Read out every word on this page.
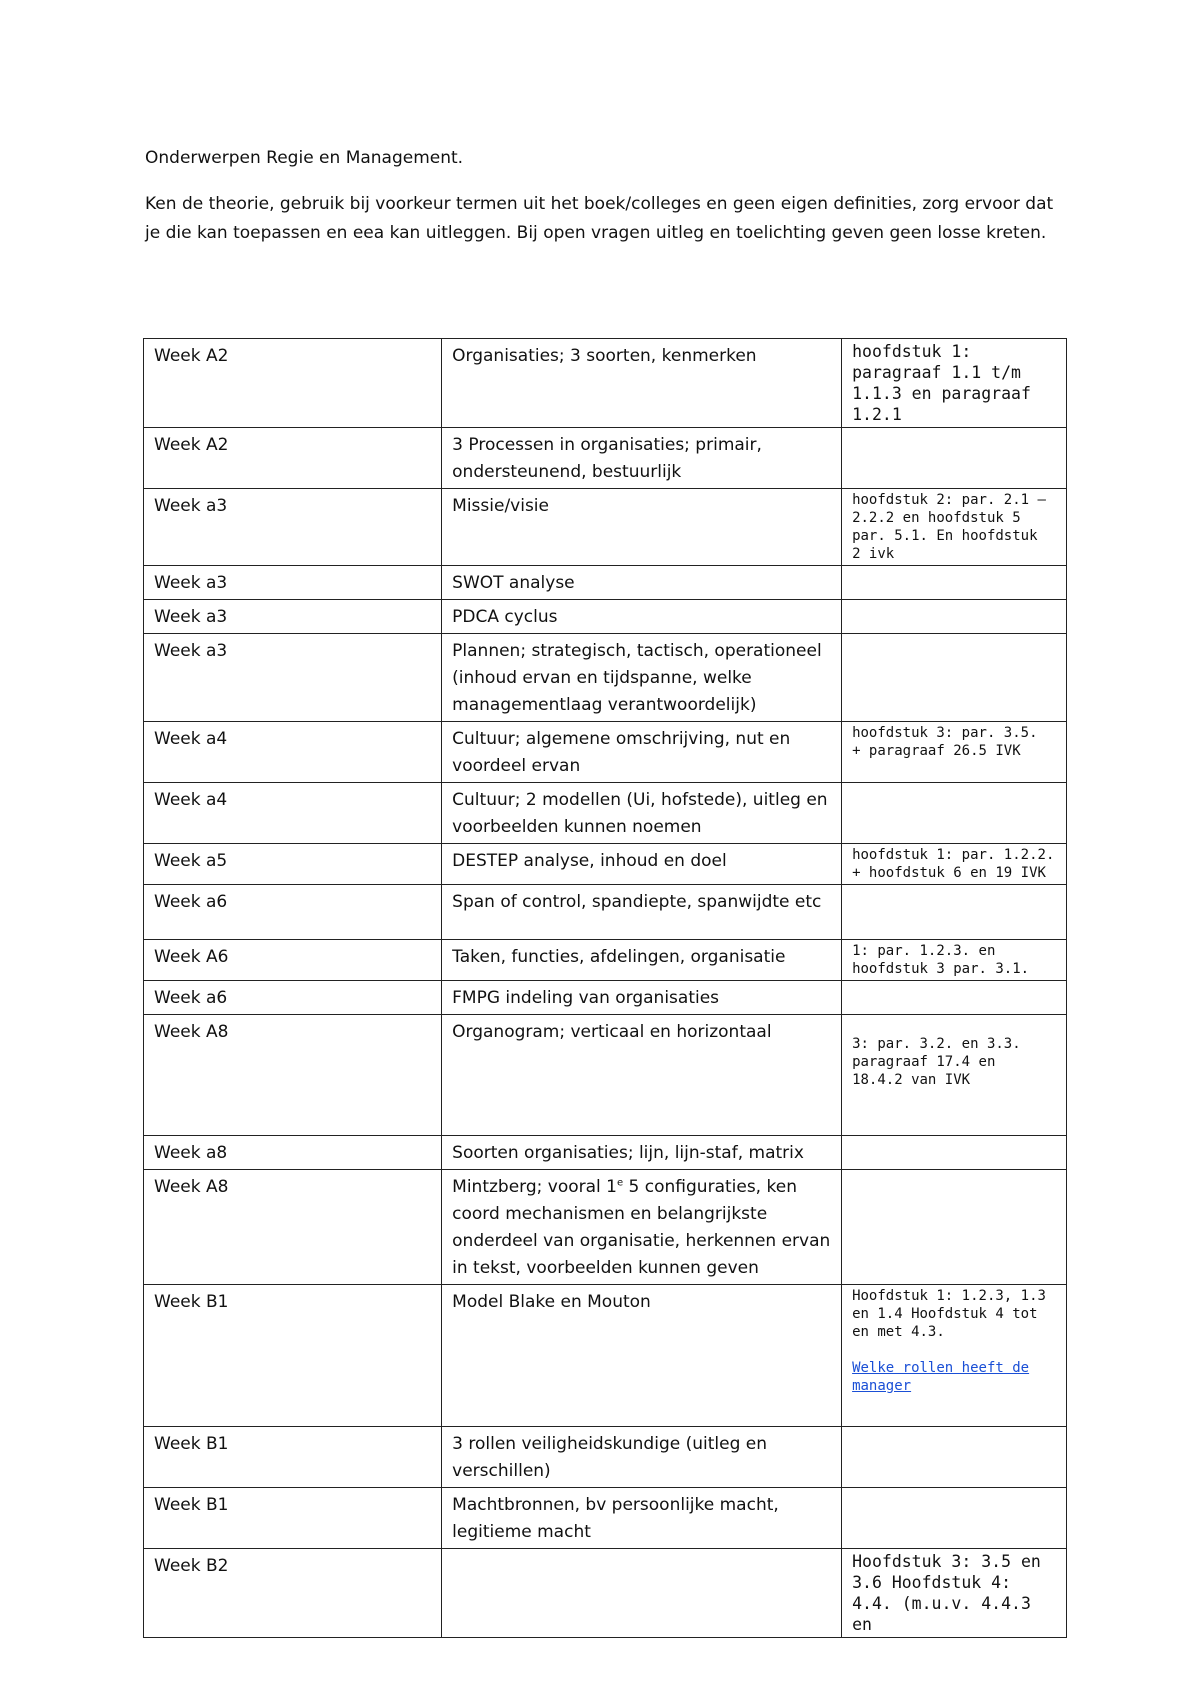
Onderwerpen Regie en Management.

Ken de theorie, gebruik bij voorkeur termen uit het boek/colleges en geen eigen definities, zorg ervoor dat je die kan toepassen en eea kan uitleggen. Bij open vragen uitleg en toelichting geven geen losse kreten.

Week A2	Organisaties; 3 soorten, kenmerken	hoofdstuk 1:
paragraaf 1.1 t/m
1.1.3 en paragraaf
1.2.1

Week A2	3 Processen in organisaties; primair, ondersteunend, bestuurlijk	

Week a3	Missie/visie	hoofdstuk 2: par. 2.1 –
2.2.2 en hoofdstuk 5
par. 5.1. En hoofdstuk
2 ivk

Week a3	SWOT analyse	

Week a3	PDCA cyclus	

Week a3	Plannen; strategisch, tactisch, operationeel (inhoud ervan en tijdspanne, welke managementlaag verantwoordelijk)	

Week a4	Cultuur; algemene omschrijving, nut en voordeel ervan	hoofdstuk 3: par. 3.5.
+ paragraaf 26.5 IVK

Week a4	Cultuur; 2 modellen (Ui, hofstede), uitleg en voorbeelden kunnen noemen	

Week a5	DESTEP analyse, inhoud en doel	hoofdstuk 1: par. 1.2.2.
+ hoofdstuk 6 en 19 IVK

Week a6	Span of control, spandiepte, spanwijdte etc	

Week A6	Taken, functies, afdelingen, organisatie	1: par. 1.2.3. en
hoofdstuk 3 par. 3.1.

Week a6	FMPG indeling van organisaties	

Week A8	Organogram; verticaal en horizontaal	3: par. 3.2. en 3.3.
paragraaf 17.4 en
18.4.2 van IVK

Week a8	Soorten organisaties; lijn, lijn-staf, matrix	

Week A8	Mintzberg; vooral 1e 5 configuraties, ken coord mechanismen en belangrijkste onderdeel van organisatie, herkennen ervan in tekst, voorbeelden kunnen geven	

Week B1	Model Blake en Mouton	Hoofdstuk 1: 1.2.3, 1.3
en 1.4 Hoofdstuk 4 tot
en met 4.3.
Welke rollen heeft de
manager

Week B1	3 rollen veiligheidskundige (uitleg en verschillen)	

Week B1	Machtbronnen, bv persoonlijke macht, legitieme macht	

Week B2		Hoofdstuk 3: 3.5 en
3.6 Hoofdstuk 4:
4.4. (m.u.v. 4.4.3 en
